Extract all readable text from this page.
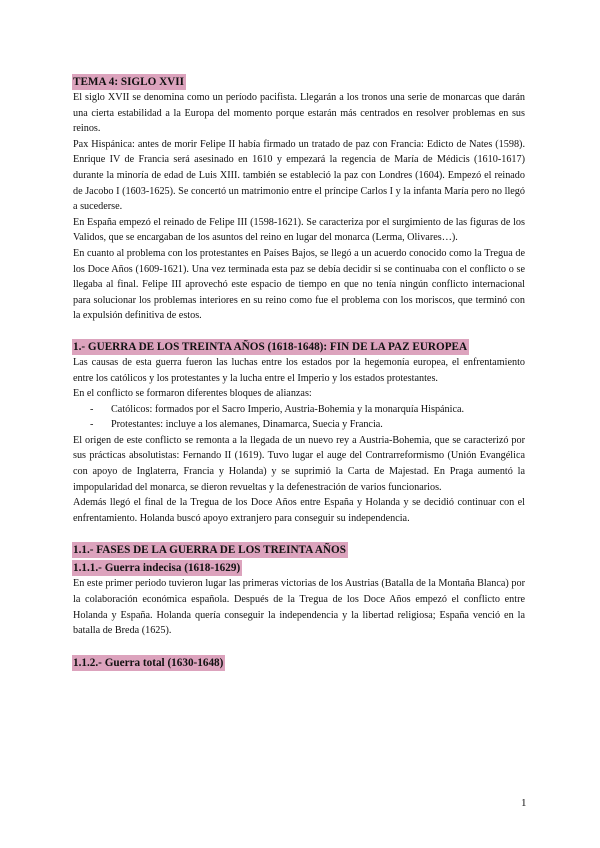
TEMA 4: SIGLO XVII

El siglo XVII se denomina como un período pacifista. Llegarán a los tronos una serie de monarcas que darán una cierta estabilidad a la Europa del momento porque estarán más centrados en resolver problemas en sus reinos.

Pax Hispánica: antes de morir Felipe II había firmado un tratado de paz con Francia: Edicto de Nates (1598). Enrique IV de Francia será asesinado en 1610 y empezará la regencia de María de Médicis (1610-1617) durante la minoría de edad de Luis XIII. también se estableció la paz con Londres (1604). Empezó el reinado de Jacobo I (1603-1625). Se concertó un matrimonio entre el príncipe Carlos I y la infanta María pero no llegó a sucederse.

En España empezó el reinado de Felipe III (1598-1621). Se caracteriza por el surgimiento de las figuras de los Validos, que se encargaban de los asuntos del reino en lugar del monarca (Lerma, Olivares…).

En cuanto al problema con los protestantes en Países Bajos, se llegó a un acuerdo conocido como la Tregua de los Doce Años (1609-1621). Una vez terminada esta paz se debía decidir si se continuaba con el conflicto o se llegaba al final. Felipe III aprovechó este espacio de tiempo en que no tenía ningún conflicto internacional para solucionar los problemas interiores en su reino como fue el problema con los moriscos, que terminó con la expulsión definitiva de estos.

1.- GUERRA DE LOS TREINTA AÑOS (1618-1648): FIN DE LA PAZ EUROPEA

Las causas de esta guerra fueron las luchas entre los estados por la hegemonía europea, el enfrentamiento entre los católicos y los protestantes y la lucha entre el Imperio y los estados protestantes.

En el conflicto se formaron diferentes bloques de alianzas:

- Católicos: formados por el Sacro Imperio, Austria-Bohemia y la monarquía Hispánica.
- Protestantes: incluye a los alemanes, Dinamarca, Suecia y Francia.

El origen de este conflicto se remonta a la llegada de un nuevo rey a Austria-Bohemia, que se caracterizó por sus prácticas absolutistas: Fernando II (1619). Tuvo lugar el auge del Contrarreformismo (Unión Evangélica con apoyo de Inglaterra, Francia y Holanda) y se suprimió la Carta de Majestad. En Praga aumentó la impopularidad del monarca, se dieron revueltas y la defenestración de varios funcionarios.

Además llegó el final de la Tregua de los Doce Años entre España y Holanda y se decidió continuar con el enfrentamiento. Holanda buscó apoyo extranjero para conseguir su independencia.

1.1.- FASES DE LA GUERRA DE LOS TREINTA AÑOS
1.1.1.- Guerra indecisa (1618-1629)

En este primer periodo tuvieron lugar las primeras victorias de los Austrias (Batalla de la Montaña Blanca) por la colaboración económica española. Después de la Tregua de los Doce Años empezó el conflicto entre Holanda y España. Holanda quería conseguir la independencia y la libertad religiosa; España venció en la batalla de Breda (1625).

1.1.2.- Guerra total (1630-1648)
1
